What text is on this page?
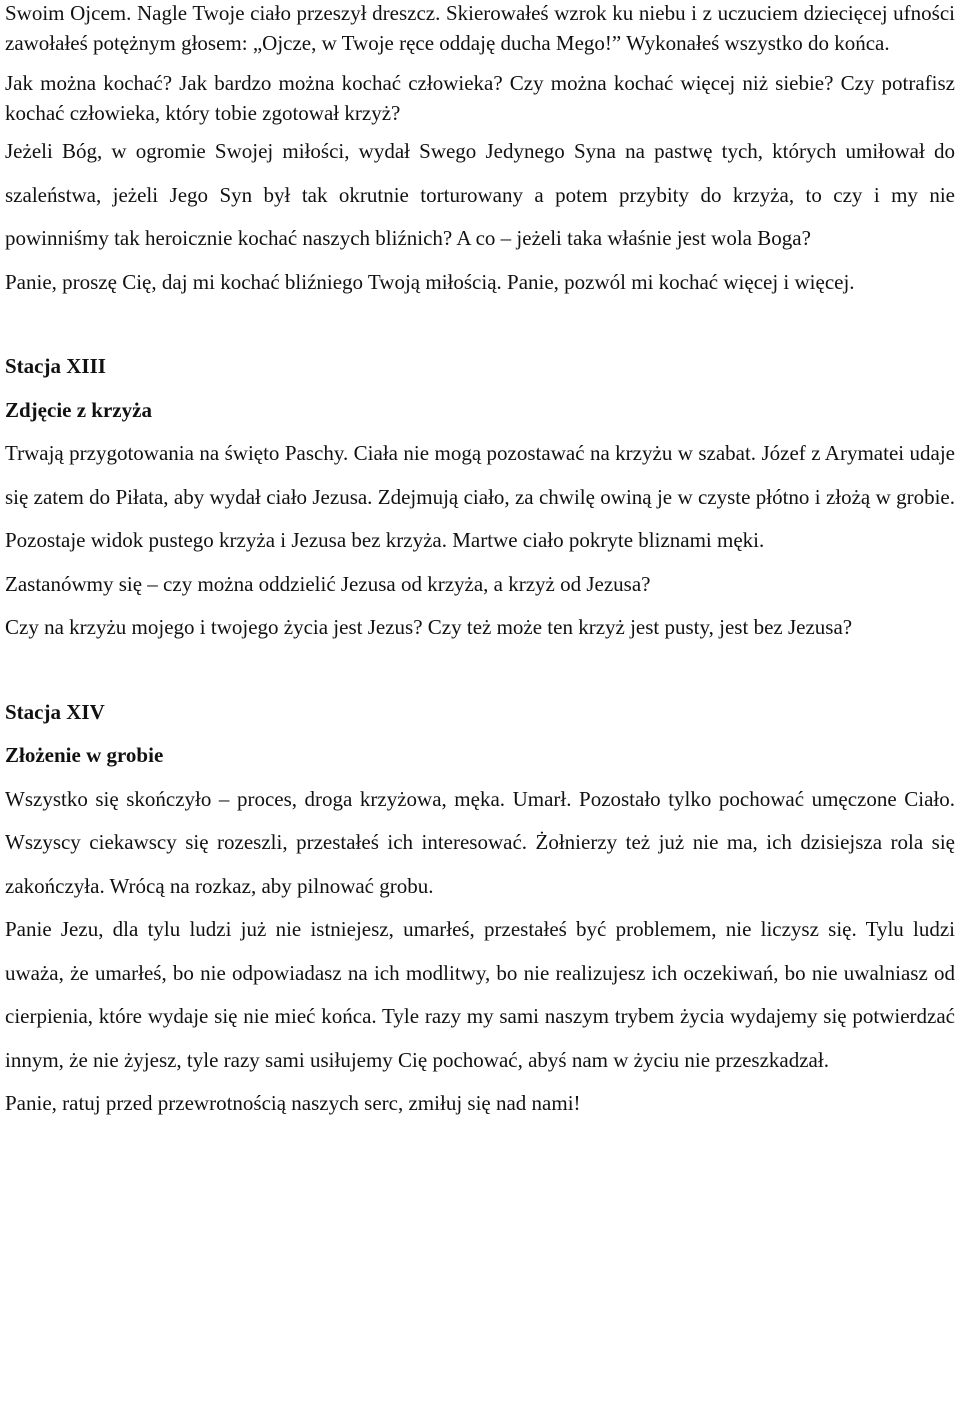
Swoim Ojcem. Nagle Twoje ciało przeszył dreszcz. Skierowałeś wzrok ku niebu i z uczuciem dziecięcej ufności zawołałeś potężnym głosem: „Ojcze, w Twoje ręce oddaję ducha Mego!” Wykonałeś wszystko do końca.

Jak można kochać? Jak bardzo można kochać człowieka? Czy można kochać więcej niż siebie? Czy potrafisz kochać człowieka, który tobie zgotował krzyż?

Jeżeli Bóg, w ogromie Swojej miłości, wydał Swego Jedynego Syna na pastwę tych, których umiłował do szaleństwa, jeżeli Jego Syn był tak okrutnie torturowany a potem przybity do krzyża, to czy i my nie powinniśmy tak heroicznie kochać naszych bliźnich? A co – jeżeli taka właśnie jest wola Boga?

Panie, proszę Cię, daj mi kochać bliźniego Twoją miłością. Panie, pozwól mi kochać więcej i więcej.

Stacja XIII

Zdjęcie z krzyża

Trwają przygotowania na święto Paschy. Ciała nie mogą pozostawać na krzyżu w szabat. Józef z Arymatei udaje się zatem do Piłata, aby wydał ciało Jezusa. Zdejmują ciało, za chwilę owiną je w czyste płótno i złożą w grobie. Pozostaje widok pustego krzyża i Jezusa bez krzyża. Martwe ciało pokryte bliznami męki.

Zastanówmy się – czy można oddzielić Jezusa od krzyża, a krzyż od Jezusa?

Czy na krzyżu mojego i twojego życia jest Jezus? Czy też może ten krzyż jest pusty, jest bez Jezusa?

Stacja XIV

Złożenie w grobie

Wszystko się skończyło – proces, droga krzyżowa, męka. Umarł. Pozostało tylko pochować umęczone Ciało. Wszyscy ciekawscy się rozeszli, przestałeś ich interesować. Żołnierzy też już nie ma, ich dzisiejsza rola się zakończyła. Wrócą na rozkaz, aby pilnować grobu.

Panie Jezu, dla tylu ludzi już nie istniejesz, umarłeś, przestałeś być problemem, nie liczysz się. Tylu ludzi uważa, że umarłeś, bo nie odpowiadasz na ich modlitwy, bo nie realizujesz ich oczekiwań, bo nie uwalniasz od cierpienia, które wydaje się nie mieć końca. Tyle razy my sami naszym trybem życia wydajemy się potwierdzać innym, że nie żyjesz, tyle razy sami usiłujemy Cię pochować, abyś nam w życiu nie przeszkadzał.

Panie, ratuj przed przewrotnością naszych serc, zmiłuj się nad nami!
